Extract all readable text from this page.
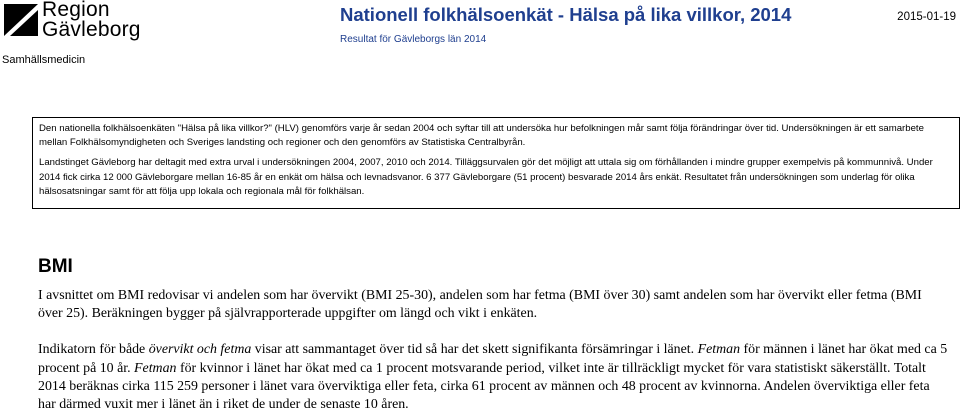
Region
Gävleborg
Samhällsmedicin
Nationell folkhälsoenkät - Hälsa på lika villkor, 2014
Resultat för Gävleborgs län 2014
2015-01-19

Den nationella folkhälsoenkäten "Hälsa på lika villkor?" (HLV) genomförs varje år sedan 2004 och syftar till att undersöka hur befolkningen mår samt följa förändringar över tid. Undersökningen är ett samarbete mellan Folkhälsomyndigheten och Sveriges landsting och regioner och den genomförs av Statistiska Centralbyrån.

Landstinget Gävleborg har deltagit med extra urval i undersökningen 2004, 2007, 2010 och 2014. Tilläggsurvalen gör det möjligt att uttala sig om förhållanden i mindre grupper exempelvis på kommunnivå. Under 2014 fick cirka 12 000 Gävleborgare mellan 16-85 år en enkät om hälsa och levnadsvanor. 6 377 Gävleborgare (51 procent) besvarade 2014 års enkät. Resultatet från undersökningen som underlag för olika hälsosatsningar samt för att följa upp lokala och regionala mål för folkhälsan.

BMI

I avsnittet om BMI redovisar vi andelen som har övervikt (BMI 25-30), andelen som har fetma (BMI över 30) samt andelen som har övervikt eller fetma (BMI över 25). Beräkningen bygger på självrapporterade uppgifter om längd och vikt i enkäten.

Indikatorn för både övervikt och fetma visar att sammantaget över tid så har det skett signifikanta försämringar i länet. Fetman för männen i länet har ökat med ca 5 procent på 10 år. Fetman för kvinnor i länet har ökat med ca 1 procent motsvarande period, vilket inte är tillräckligt mycket för vara statistiskt säkerställt. Totalt 2014 beräknas cirka 115 259 personer i länet vara överviktiga eller feta, cirka 61 procent av männen och 48 procent av kvinnorna. Andelen överviktiga eller feta har därmed vuxit mer i länet än i riket de under de senaste 10 åren.
